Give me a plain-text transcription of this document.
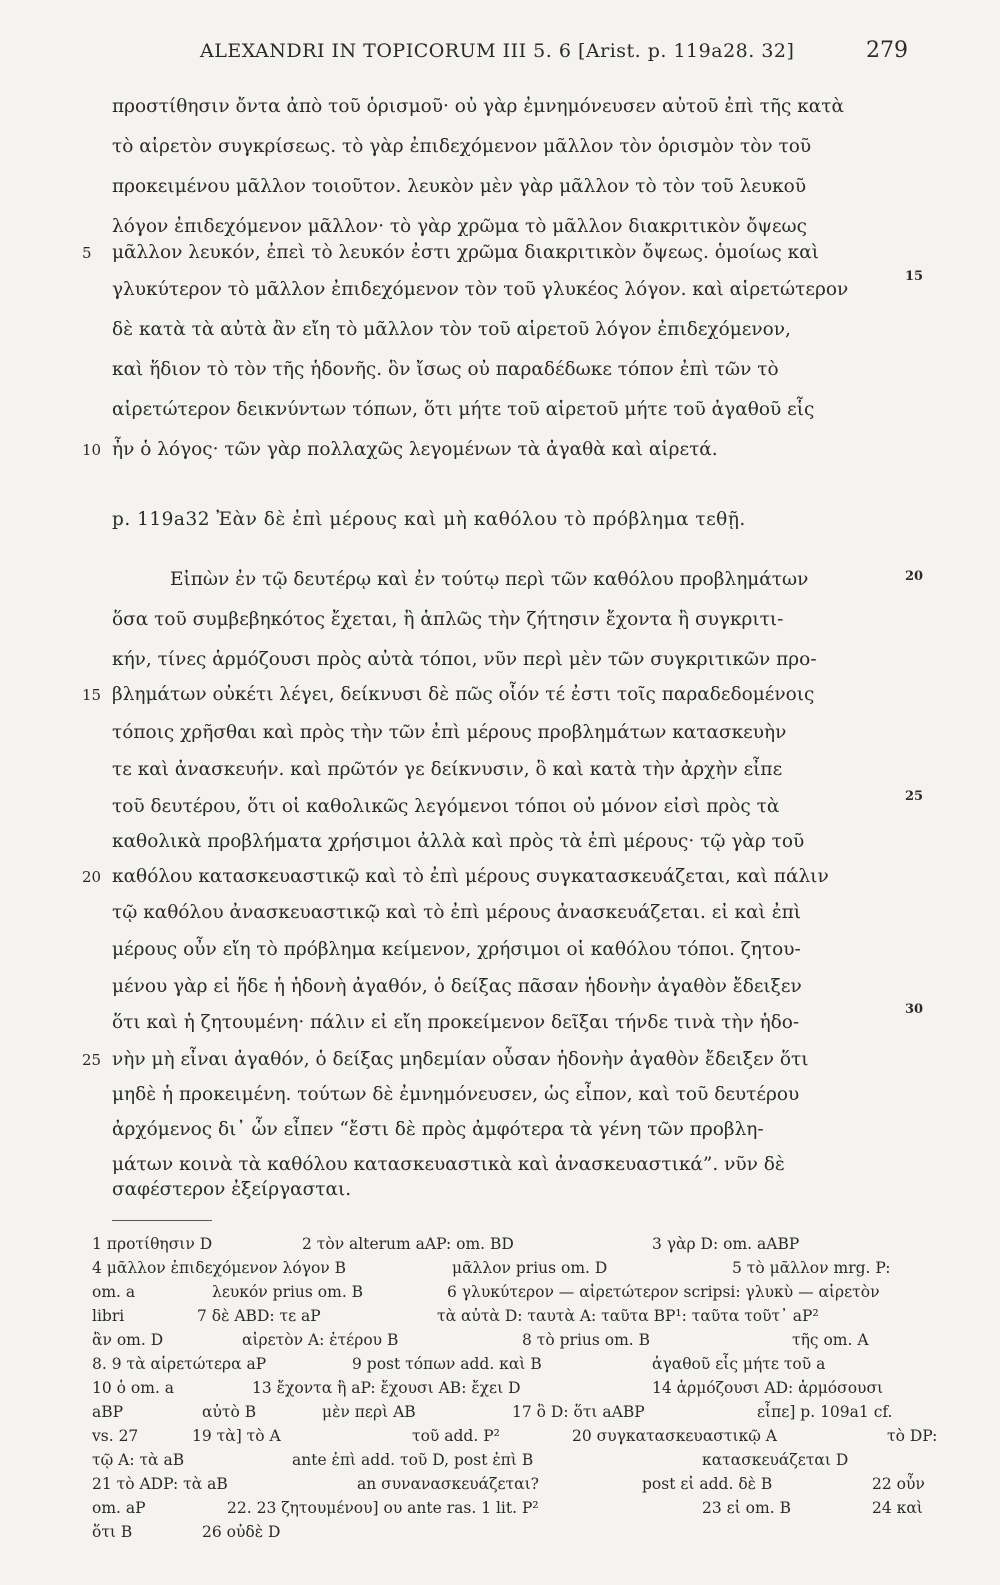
ALEXANDRI IN TOPICORUM III 5. 6 [Arist. p. 119a28. 32]	279
προστίθησιν ὄντα ἀπὸ τοῦ ὁρισμοῦ· οὐ γὰρ ἐμνημόνευσεν αὐτοῦ ἐπὶ τῆς κατὰ
τὸ αἱρετὸν συγκρίσεως. τὸ γὰρ ἐπιδεχόμενον μᾶλλον τὸν ὁρισμὸν τὸν τοῦ
προκειμένου μᾶλλον τοιοῦτον. λευκὸν μὲν γὰρ μᾶλλον τὸ τὸν τοῦ λευκοῦ
λόγον ἐπιδεχόμενον μᾶλλον· τὸ γὰρ χρῶμα τὸ μᾶλλον διακριτικὸν ὄψεως
5	μᾶλλον λευκόν, ἐπεὶ τὸ λευκόν ἐστι χρῶμα διακριτικὸν ὄψεως. ὁμοίως καὶ
γλυκύτερον τὸ μᾶλλον ἐπιδεχόμενον τὸν τοῦ γλυκέος λόγον. καὶ αἱρετώτερον
15
δὲ κατὰ τὰ αὐτὰ ἂν εἴη τὸ μᾶλλον τὸν τοῦ αἱρετοῦ λόγον ἐπιδεχόμενον,
καὶ ἥδιον τὸ τὸν τῆς ἡδονῆς. ὃν ἴσως οὐ παραδέδωκε τόπον ἐπὶ τῶν τὸ
αἱρετώτερον δεικνύντων τόπων, ὅτι μήτε τοῦ αἱρετοῦ μήτε τοῦ ἀγαθοῦ εἷς
10 ἦν ὁ λόγος· τῶν γὰρ πολλαχῶς λεγομένων τὰ ἀγαθὰ καὶ αἱρετά.
p. 119a32 Ἐὰν δὲ ἐπὶ μέρους καὶ μὴ καθόλου τὸ πρόβλημα τεθῇ.
Εἰπὼν ἐν τῷ δευτέρῳ καὶ ἐν τούτῳ περὶ τῶν καθόλου προβλημάτων	20
ὅσα τοῦ συμβεβηκότος ἔχεται, ἢ ἁπλῶς τὴν ζήτησιν ἔχοντα ἢ συγκριτι-
κήν, τίνες ἁρμόζουσι πρὸς αὐτὰ τόποι, νῦν περὶ μὲν τῶν συγκριτικῶν προ-
15 βλημάτων οὐκέτι λέγει, δείκνυσι δὲ πῶς οἷόν τέ ἐστι τοῖς παραδεδομένοις
τόποις χρῆσθαι καὶ πρὸς τὴν τῶν ἐπὶ μέρους προβλημάτων κατασκευὴν
τε καὶ ἀνασκευήν. καὶ πρῶτόν γε δείκνυσιν, ὃ καὶ κατὰ τὴν ἀρχὴν εἶπε
τοῦ δευτέρου, ὅτι οἱ καθολικῶς λεγόμενοι τόποι οὐ μόνον εἰσὶ πρὸς τὰ	25
καθολικὰ προβλήματα χρήσιμοι ἀλλὰ καὶ πρὸς τὰ ἐπὶ μέρους· τῷ γὰρ τοῦ
20 καθόλου κατασκευαστικῷ καὶ τὸ ἐπὶ μέρους συγκατασκευάζεται, καὶ πάλιν
τῷ καθόλου ἀνασκευαστικῷ καὶ τὸ ἐπὶ μέρους ἀνασκευάζεται. εἰ καὶ ἐπὶ
μέρους οὖν εἴη τὸ πρόβλημα κείμενον, χρήσιμοι οἱ καθόλου τόποι. ζητου-
μένου γὰρ εἰ ἥδε ἡ ἡδονὴ ἀγαθόν, ὁ δείξας πᾶσαν ἡδονὴν ἀγαθὸν ἔδειξεν
ὅτι καὶ ἡ ζητουμένη· πάλιν εἰ εἴη προκείμενον δεῖξαι τήνδε τινὰ τὴν ἡδο-
30
25 νὴν μὴ εἶναι ἀγαθόν, ὁ δείξας μηδεμίαν οὖσαν ἡδονὴν ἀγαθὸν ἔδειξεν ὅτι
μηδὲ ἡ προκειμένη. τούτων δὲ ἐμνημόνευσεν, ὡς εἶπον, καὶ τοῦ δευτέρου
ἀρχόμενος δι᾿ ὧν εἶπεν “ἔστι δὲ πρὸς ἀμφότερα τὰ γένη τῶν προβλη-
μάτων κοινὰ τὰ καθόλου κατασκευαστικὰ καὶ ἀνασκευαστικά”. νῦν δὲ
σαφέστερον ἐξείργασται.
1 προτίθησιν D	2 τὸν alterum aAP: om. BD	3 γὰρ D: om. aABP
4 μᾶλλον ἐπιδεχόμενον λόγον B	μᾶλλον prius om. D	5 τὸ μᾶλλον mrg. P:
om. a	λευκόν prius om. B	6 γλυκύτερον — αἱρετώτερον scripsi: γλυκὺ — αἱρετὸν
libri	7 δὲ ABD: τε aP	τὰ αὐτὰ D: ταυτὰ A: ταῦτα BP¹: ταῦτα τοῦτ᾿ aP²
ἂν om. D	αἱρετὸν A: ἑτέρου B	8 τὸ prius om. B	τῆς om. A
8. 9 τὰ αἱρετώτερα aP	9 post τόπων add. καὶ B	ἀγαθοῦ εἷς μήτε τοῦ a
10 ὁ om. a	13 ἔχοντα ἢ aP: ἔχουσι AB: ἔχει D	14 ἁρμόζουσι AD: ἁρμόσουσι
aBP	αὐτὸ B	μὲν περὶ AB	17 ὃ D: ὅτι aABP	εἶπε] p. 109a1 cf.
vs. 27	19 τὰ] τὸ A	τοῦ add. P²	20 συγκατασκευαστικῷ A	τὸ DP:
τῷ A: τὰ aB	ante ἐπὶ add. τοῦ D, post ἐπὶ B	κατασκευάζεται D
21 τὸ ADP: τὰ aB	an συνανασκευάζεται?	post εἰ add. δὲ B	22 οὖν
om. aP	22. 23 ζητουμένου] ου ante ras. 1 lit. P²	23 εἰ om. B	24 καὶ
ὅτι B	26 οὐδὲ D
